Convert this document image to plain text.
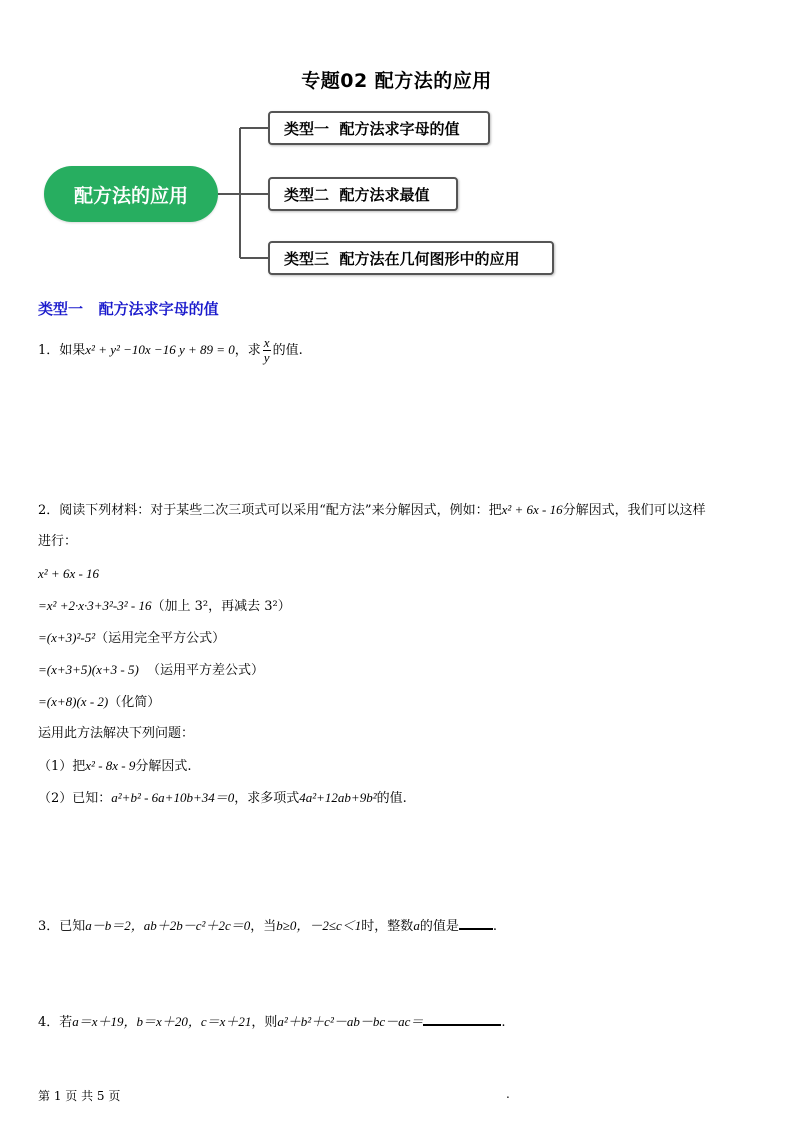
专题02 配方法的应用
配方法的应用
类型一  配方法求字母的值
类型二  配方法求最值
类型三  配方法在几何图形中的应用
类型一   配方法求字母的值
1．如果x² + y² −10x −16 y + 89 = 0，求 $\frac{x}{y}$ 的值.
2．阅读下列材料：对于某些二次三项式可以采用“配方法”来分解因式，例如：把x² + 6x - 16分解因式，我们可以这样
进行：
x² + 6x - 16
=x² +2·x·3+3²-3² - 16（加上 3²，再减去 3²）
=(x+3)²-5²（运用完全平方公式）
=(x+3+5)(x+3 - 5)  （运用平方差公式）
=(x+8)(x - 2)（化简）
运用此方法解决下列问题：
（1）把x² - 8x - 9分解因式.
（2）已知：a²+b² - 6a+10b+34＝0，求多项式4a²+12ab+9b²的值.
3．已知a－b＝2，ab＋2b－c²＋2c＝0，当b≥0，－2≤c＜1时，整数a的值是	.
4．若a＝x＋19，b＝x＋20，c＝x＋21，则a²＋b²＋c²－ab－bc－ac＝	.
第 1 页 共 5 页	.
